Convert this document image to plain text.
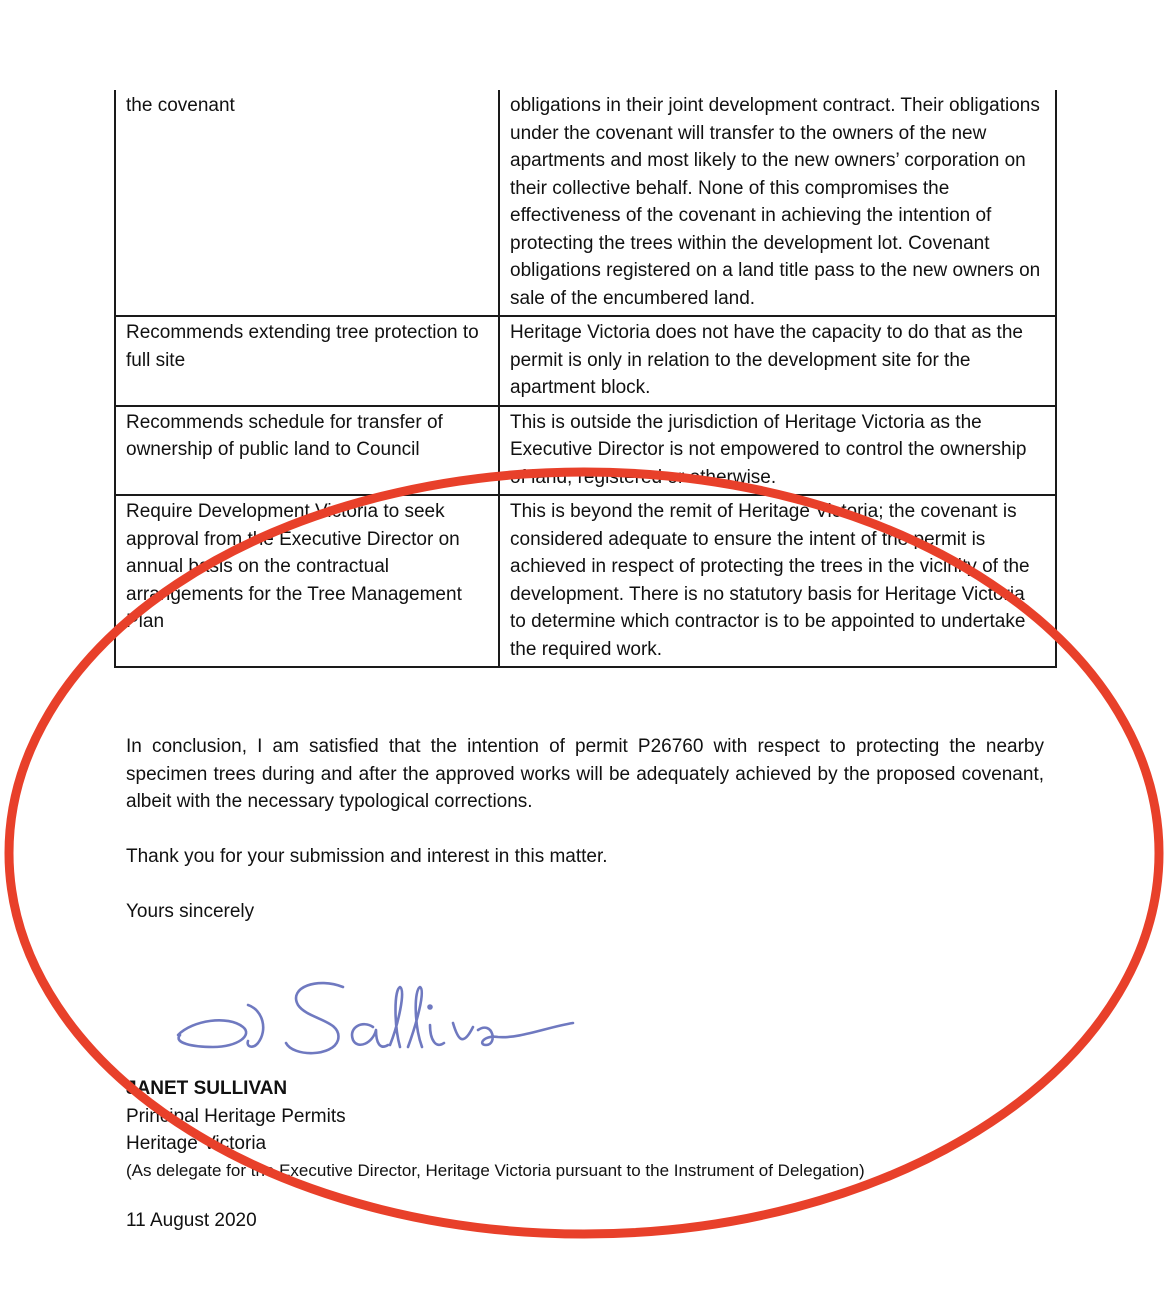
the covenant	obligations in their joint development contract. Their obligations under the covenant will transfer to the owners of the new apartments and most likely to the new owners’ corporation on their collective behalf. None of this compromises the effectiveness of the covenant in achieving the intention of protecting the trees within the development lot. Covenant obligations registered on a land title pass to the new owners on sale of the encumbered land.
Recommends extending tree protection to full site	Heritage Victoria does not have the capacity to do that as the permit is only in relation to the development site for the apartment block.
Recommends schedule for transfer of ownership of public land to Council	This is outside the jurisdiction of Heritage Victoria as the Executive Director is not empowered to control the ownership of land, registered or otherwise.
Require Development Victoria to seek approval from the Executive Director on annual basis on the contractual arrangements for the Tree Management Plan	This is beyond the remit of Heritage Victoria; the covenant is considered adequate to ensure the intent of the permit is achieved in respect of protecting the trees in the vicinity of the development. There is no statutory basis for Heritage Victoria to determine which contractor is to be appointed to undertake the required work.
In conclusion, I am satisfied that the intention of permit P26760 with respect to protecting the nearby specimen trees during and after the approved works will be adequately achieved by the proposed covenant, albeit with the necessary typological corrections.
Thank you for your submission and interest in this matter.
Yours sincerely
JANET SULLIVAN
Principal Heritage Permits
Heritage Victoria
(As delegate for the Executive Director, Heritage Victoria pursuant to the Instrument of Delegation)
11 August 2020
